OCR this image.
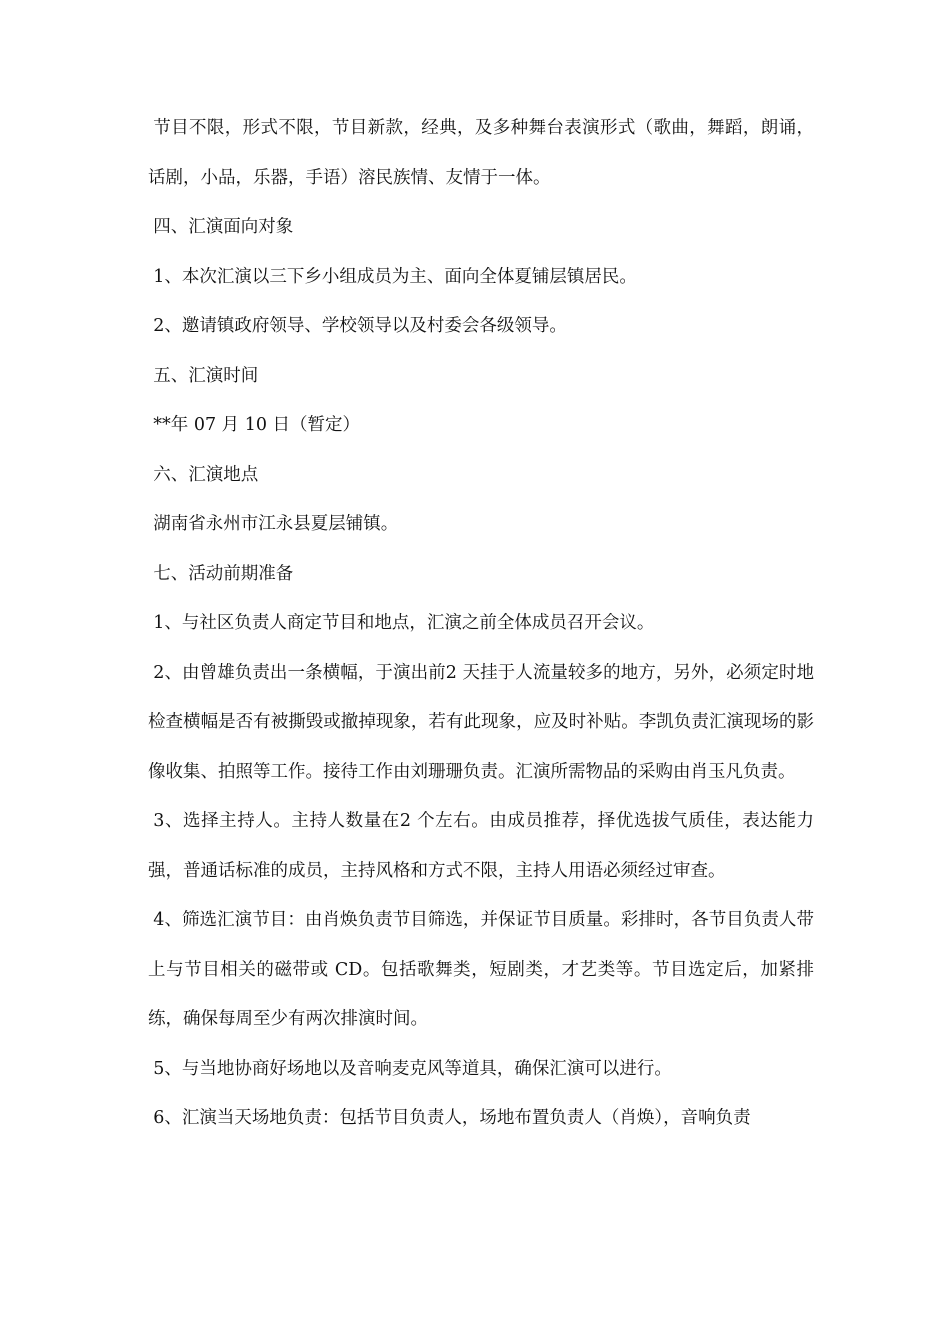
节目不限，形式不限，节目新款，经典，及多种舞台表演形式（歌曲，舞蹈，朗诵，话剧，小品，乐器，手语）溶民族情、友情于一体。

四、汇演面向对象

1、本次汇演以三下乡小组成员为主、面向全体夏铺层镇居民。

2、邀请镇政府领导、学校领导以及村委会各级领导。

五、汇演时间

**年 07 月 10 日（暂定）

六、汇演地点

湖南省永州市江永县夏层铺镇。

七、活动前期准备

1、与社区负责人商定节目和地点，汇演之前全体成员召开会议。

2、由曾雄负责出一条横幅，于演出前2 天挂于人流量较多的地方，另外，必须定时地检查横幅是否有被撕毁或撤掉现象，若有此现象，应及时补贴。李凯负责汇演现场的影像收集、拍照等工作。接待工作由刘珊珊负责。汇演所需物品的采购由肖玉凡负责。

3、选择主持人。主持人数量在2 个左右。由成员推荐，择优选拔气质佳，表达能力强，普通话标准的成员，主持风格和方式不限，主持人用语必须经过审查。

4、筛选汇演节目：由肖焕负责节目筛选，并保证节目质量。彩排时，各节目负责人带上与节目相关的磁带或 CD。包括歌舞类，短剧类，才艺类等。节目选定后，加紧排练，确保每周至少有两次排演时间。

5、与当地协商好场地以及音响麦克风等道具，确保汇演可以进行。

6、汇演当天场地负责：包括节目负责人，场地布置负责人（肖焕），音响负责
